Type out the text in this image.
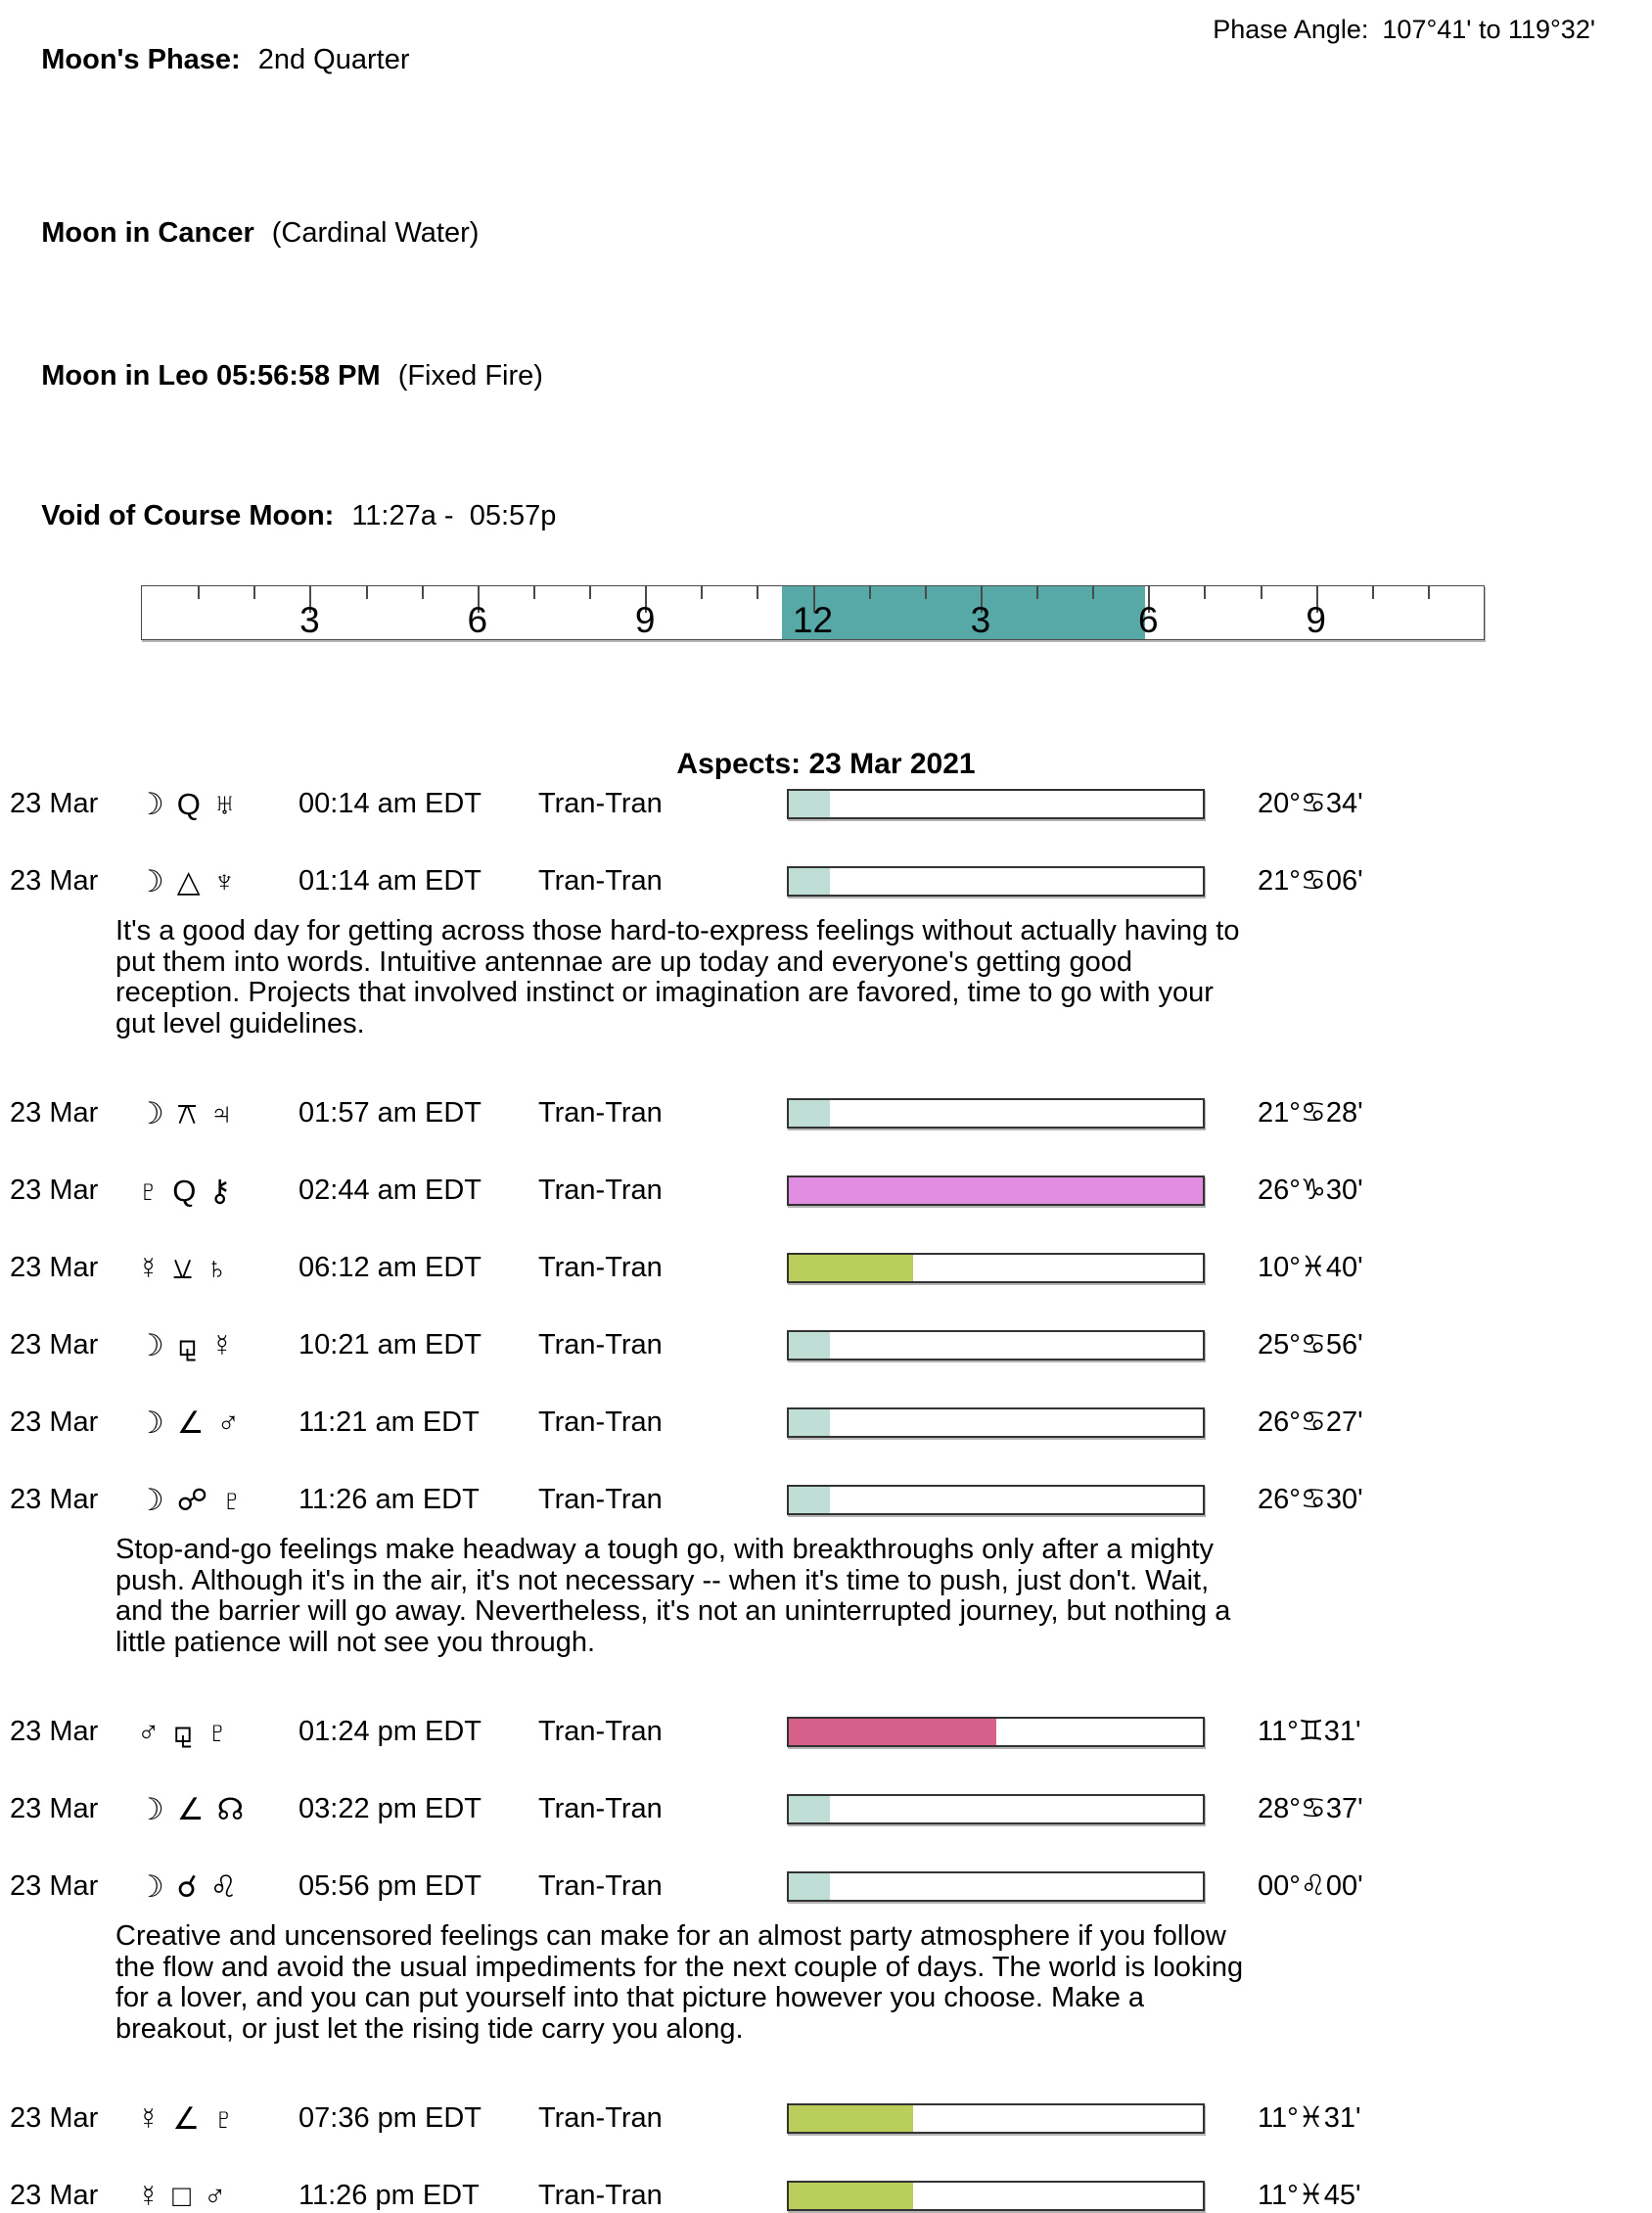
Moon's Phase: 2nd Quarter

Phase Angle: 107°41' to 119°32'

Moon in Cancer (Cardinal Water)

Moon in Leo 05:56:58 PM (Fixed Fire)

Void of Course Moon: 11:27a -  05:57p

3	6	9	12	3	6	9
Aspects: 23 Mar 2021
23 Mar ☽ Q ♅	00:14 am EDT Tran-Tran	20°♋34'
23 Mar ☽ △ ♆	01:14 am EDT Tran-Tran	21°♋06'
It's a good day for getting across those hard-to-express feelings without actually having to put them into words. Intuitive antennae are up today and everyone's getting good reception. Projects that involved instinct or imagination are favored, time to go with your gut level guidelines.
23 Mar ☽ ⚻ ♃	01:57 am EDT Tran-Tran	21°♋28'
23 Mar ♇ Q ⚷	02:44 am EDT Tran-Tran	26°♑30'
23 Mar ☿ ⚺ ♄	06:12 am EDT Tran-Tran	10°♓40'
23 Mar ☽ ⚼ ☿	10:21 am EDT Tran-Tran	25°♋56'
23 Mar ☽ ∠ ♂	11:21 am EDT Tran-Tran	26°♋27'
23 Mar ☽ ☍ ♇	11:26 am EDT Tran-Tran	26°♋30'
Stop-and-go feelings make headway a tough go, with breakthroughs only after a mighty push. Although it's in the air, it's not necessary -- when it's time to push, just don't. Wait, and the barrier will go away. Nevertheless, it's not an uninterrupted journey, but nothing a little patience will not see you through.
23 Mar ♂ ⚼ ♇	01:24 pm EDT Tran-Tran	11°♊31'
23 Mar ☽ ∠ ☊	03:22 pm EDT Tran-Tran	28°♋37'
23 Mar ☽ ☌ ♌	05:56 pm EDT Tran-Tran	00°♌00'
Creative and uncensored feelings can make for an almost party atmosphere if you follow the flow and avoid the usual impediments for the next couple of days. The world is looking for a lover, and you can put yourself into that picture however you choose. Make a breakout, or just let the rising tide carry you along.
23 Mar ☿ ∠ ♇	07:36 pm EDT Tran-Tran	11°♓31'
23 Mar ☿ □ ♂	11:26 pm EDT Tran-Tran	11°♓45'
